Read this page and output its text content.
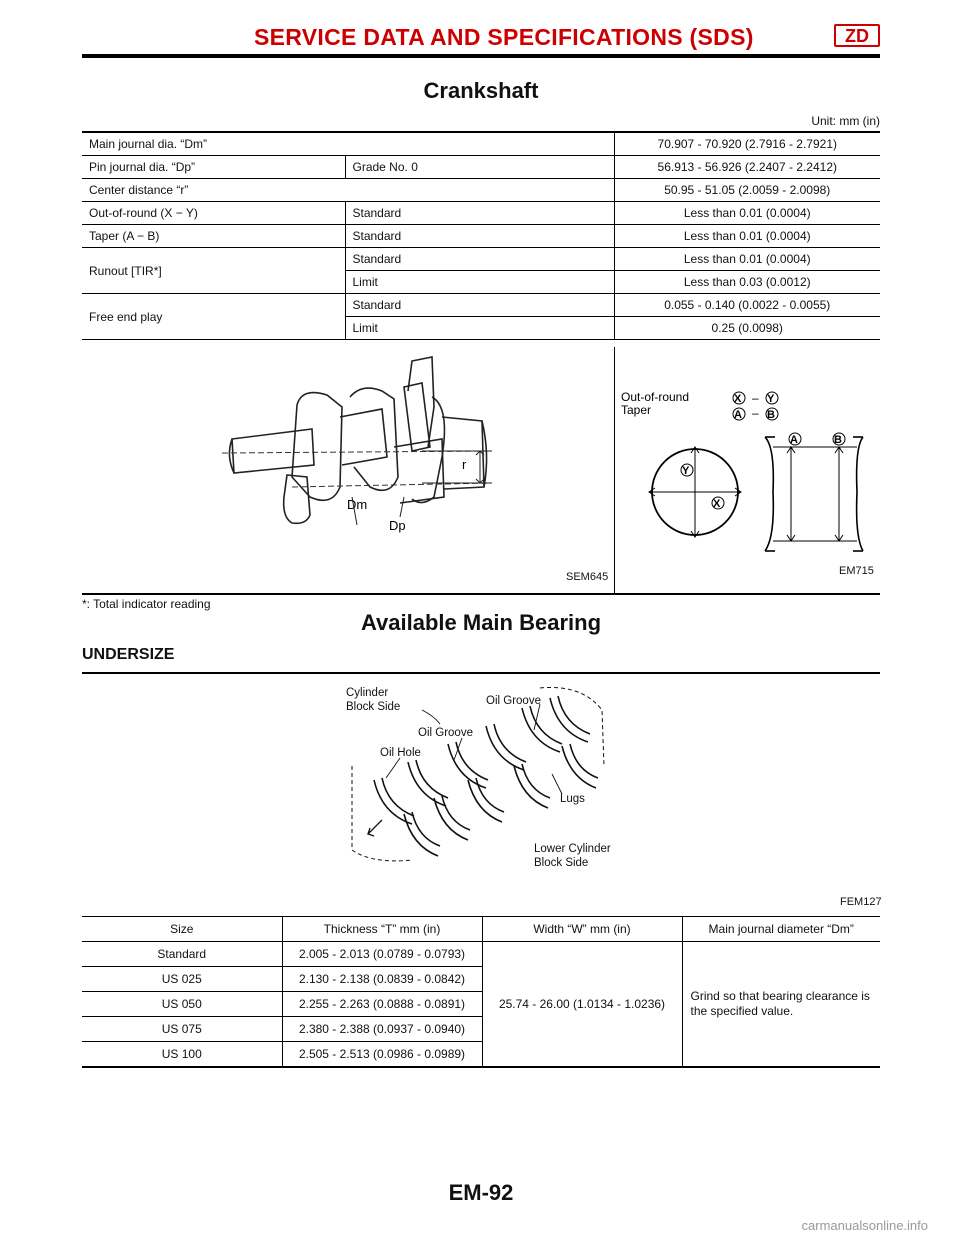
SERVICE DATA AND SPECIFICATIONS (SDS)	ZD
Crankshaft
Unit: mm (in)
Main journal dia. “Dm”		70.907 - 70.920 (2.7916 - 2.7921)
Pin journal dia. “Dp”	Grade No. 0	56.913 - 56.926 (2.2407 - 2.2412)
Center distance “r”		50.95 - 51.05 (2.0059 - 2.0098)
Out-of-round (X − Y)	Standard	Less than 0.01 (0.0004)
Taper (A − B)	Standard	Less than 0.01 (0.0004)
Runout [TIR*]	Standard	Less than 0.01 (0.0004)
	Limit	Less than 0.03 (0.0012)
Free end play	Standard	0.055 - 0.140 (0.0022 - 0.0055)
	Limit	0.25 (0.0098)
r
Dm
Dp
SEM645
Out-of-round
Taper
X – Y
A – B
Y
X
A	B
EM715
*: Total indicator reading
Available Main Bearing
UNDERSIZE
Cylinder
Block Side	Oil Groove
Oil Groove
Oil Hole
Lugs
Lower Cylinder
Block Side
FEM127
Size	Thickness “T” mm (in)	Width “W” mm (in)	Main journal diameter “Dm”
Standard	2.005 - 2.013 (0.0789 - 0.0793)	25.74 - 26.00 (1.0134 - 1.0236)	Grind so that bearing clearance is the specified value.
US 025	2.130 - 2.138 (0.0839 - 0.0842)		
US 050	2.255 - 2.263 (0.0888 - 0.0891)		
US 075	2.380 - 2.388 (0.0937 - 0.0940)		
US 100	2.505 - 2.513 (0.0986 - 0.0989)		
EM-92
carmanualsonline.info
